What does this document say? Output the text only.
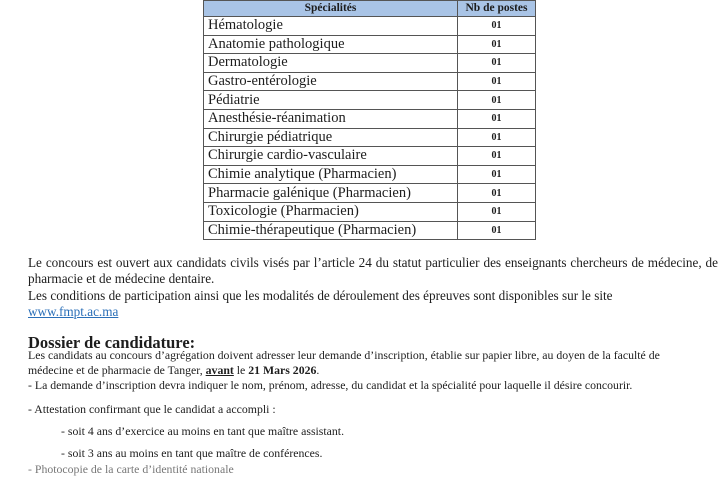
Spécialités	Nb de postes
Hématologie	01
Anatomie pathologique	01
Dermatologie	01
Gastro-entérologie	01
Pédiatrie	01
Anesthésie-réanimation	01
Chirurgie pédiatrique	01
Chirurgie cardio-vasculaire	01
Chimie analytique (Pharmacien)	01
Pharmacie galénique (Pharmacien)	01
Toxicologie (Pharmacien)	01
Chimie-thérapeutique (Pharmacien)	01
Le concours est ouvert aux candidats civils visés par l’article 24 du statut particulier des enseignants chercheurs de médecine, de pharmacie et de médecine dentaire.
Les conditions de participation ainsi que les modalités de déroulement des épreuves sont disponibles sur le site
www.fmpt.ac.ma
Dossier de candidature:
Les candidats au concours d’agrégation doivent adresser leur demande d’inscription, établie sur papier libre, au doyen de la faculté de
médecine et de pharmacie de Tanger, avant le 21 Mars 2026.
- La demande d’inscription devra indiquer le nom, prénom, adresse, du candidat et la spécialité pour laquelle il désire concourir.
- Attestation confirmant que le candidat a accompli :
- soit 4 ans d’exercice au moins en tant que maître assistant.
- soit 3 ans au moins en tant que maître de conférences.
- Photocopie de la carte d’identité nationale
